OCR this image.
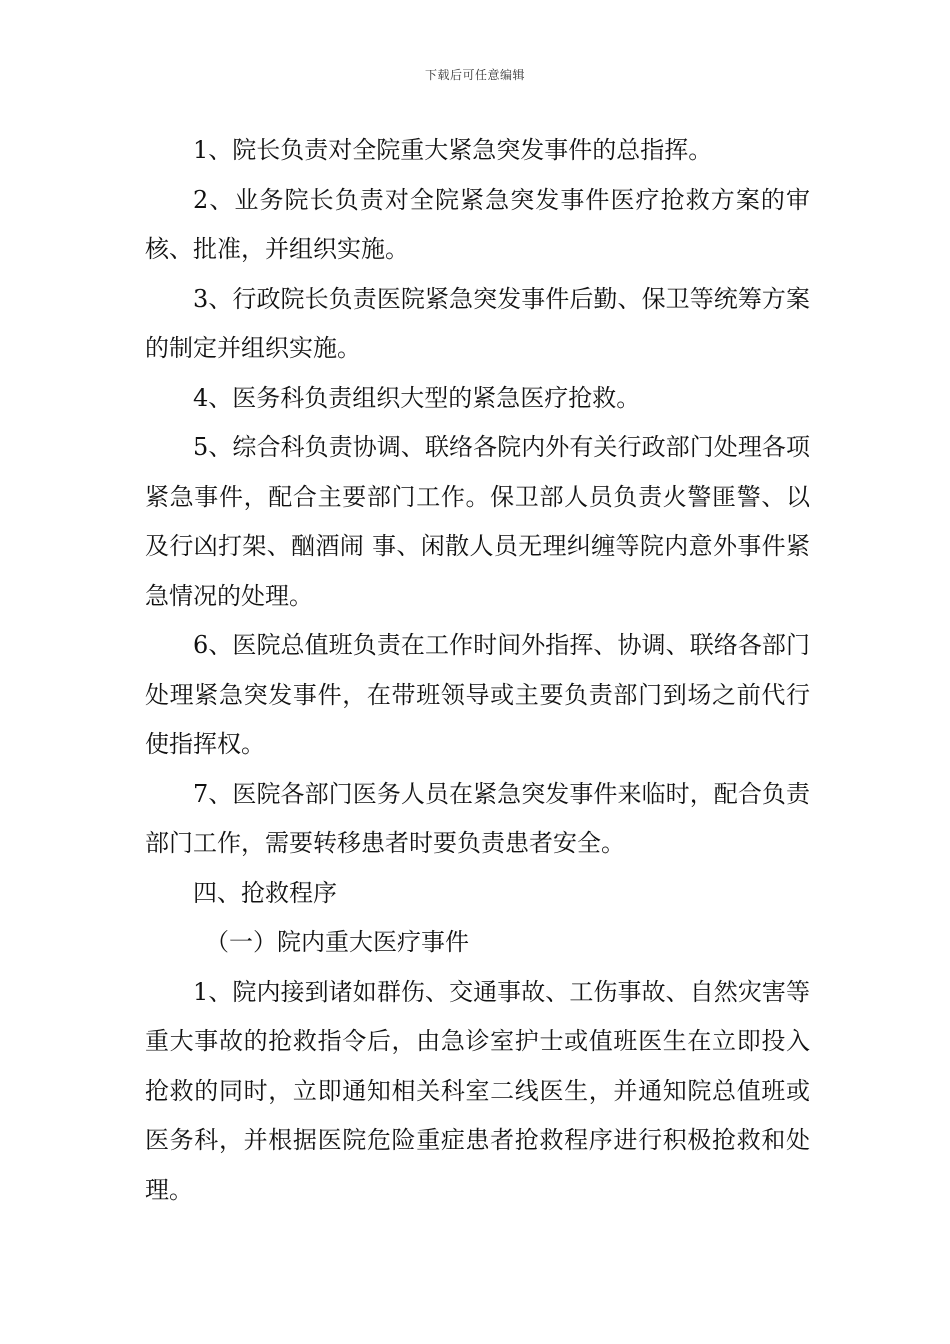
下载后可任意编辑

1、院长负责对全院重大紧急突发事件的总指挥。

2、业务院长负责对全院紧急突发事件医疗抢救方案的审核、批准，并组织实施。

3、行政院长负责医院紧急突发事件后勤、保卫等统筹方案的制定并组织实施。

4、医务科负责组织大型的紧急医疗抢救。

5、综合科负责协调、联络各院内外有关行政部门处理各项紧急事件，配合主要部门工作。保卫部人员负责火警匪警、以及行凶打架、酗酒闹 事、闲散人员无理纠缠等院内意外事件紧急情况的处理。

6、医院总值班负责在工作时间外指挥、协调、联络各部门处理紧急突发事件，在带班领导或主要负责部门到场之前代行使指挥权。

7、医院各部门医务人员在紧急突发事件来临时，配合负责部门工作，需要转移患者时要负责患者安全。

四、抢救程序

（一）院内重大医疗事件

1、院内接到诸如群伤、交通事故、工伤事故、自然灾害等重大事故的抢救指令后，由急诊室护士或值班医生在立即投入抢救的同时，立即通知相关科室二线医生，并通知院总值班或医务科，并根据医院危险重症患者抢救程序进行积极抢救和处理。
